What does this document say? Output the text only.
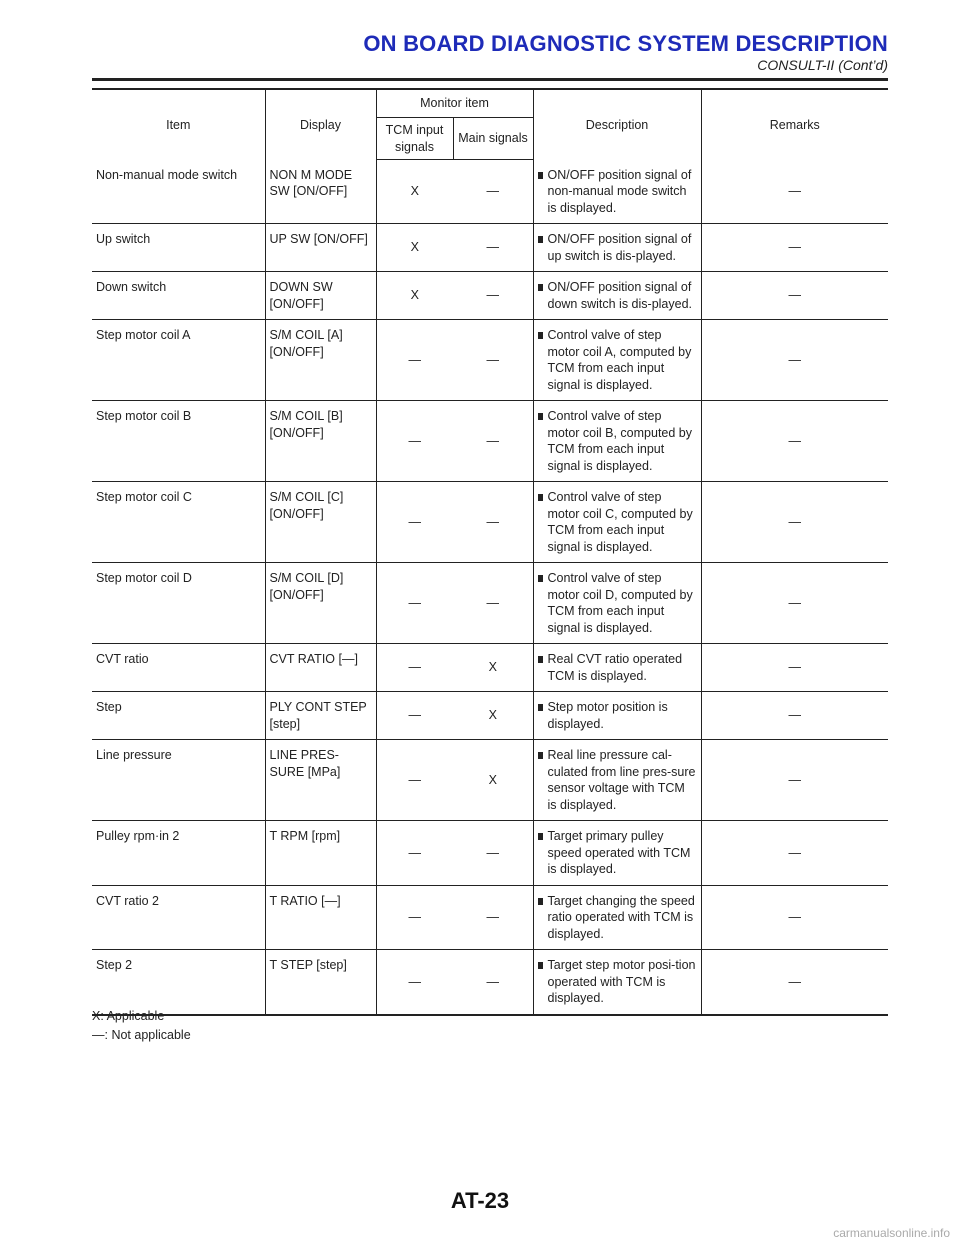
ON BOARD DIAGNOSTIC SYSTEM DESCRIPTION
CONSULT-II (Cont’d)
Item	Display	Monitor item		Description	Remarks
		TCM input signals	Main signals		
Non-manual mode switch	NON M MODE SW [ON/OFF]	X	—	ON/OFF position signal of non-manual mode switch is displayed.	—
Up switch	UP SW [ON/OFF]	X	—	ON/OFF position signal of up switch is dis-played.	—
Down switch	DOWN SW [ON/OFF]	X	—	ON/OFF position signal of down switch is dis-played.	—
Step motor coil A	S/M COIL [A] [ON/OFF]	—	—	Control valve of step motor coil A, computed by TCM from each input signal is displayed.	—
Step motor coil B	S/M COIL [B] [ON/OFF]	—	—	Control valve of step motor coil B, computed by TCM from each input signal is displayed.	—
Step motor coil C	S/M COIL [C] [ON/OFF]	—	—	Control valve of step motor coil C, computed by TCM from each input signal is displayed.	—
Step motor coil D	S/M COIL [D] [ON/OFF]	—	—	Control valve of step motor coil D, computed by TCM from each input signal is displayed.	—
CVT ratio	CVT RATIO [—]	—	X	Real CVT ratio operated TCM is displayed.	—
Step	PLY CONT STEP [step]	—	X	Step motor position is displayed.	—
Line pressure	LINE PRES-SURE [MPa]	—	X	Real line pressure cal-culated from line pres-sure sensor voltage with TCM is displayed.	—
Pulley rpm·in 2	T RPM [rpm]	—	—	Target primary pulley speed operated with TCM is displayed.	—
CVT ratio 2	T RATIO [—]	—	—	Target changing the speed ratio operated with TCM is displayed.	—
Step 2	T STEP [step]	—	—	Target step motor posi-tion operated with TCM is displayed.	—
X: Applicable
—: Not applicable
AT-23
carmanualsonline.info
